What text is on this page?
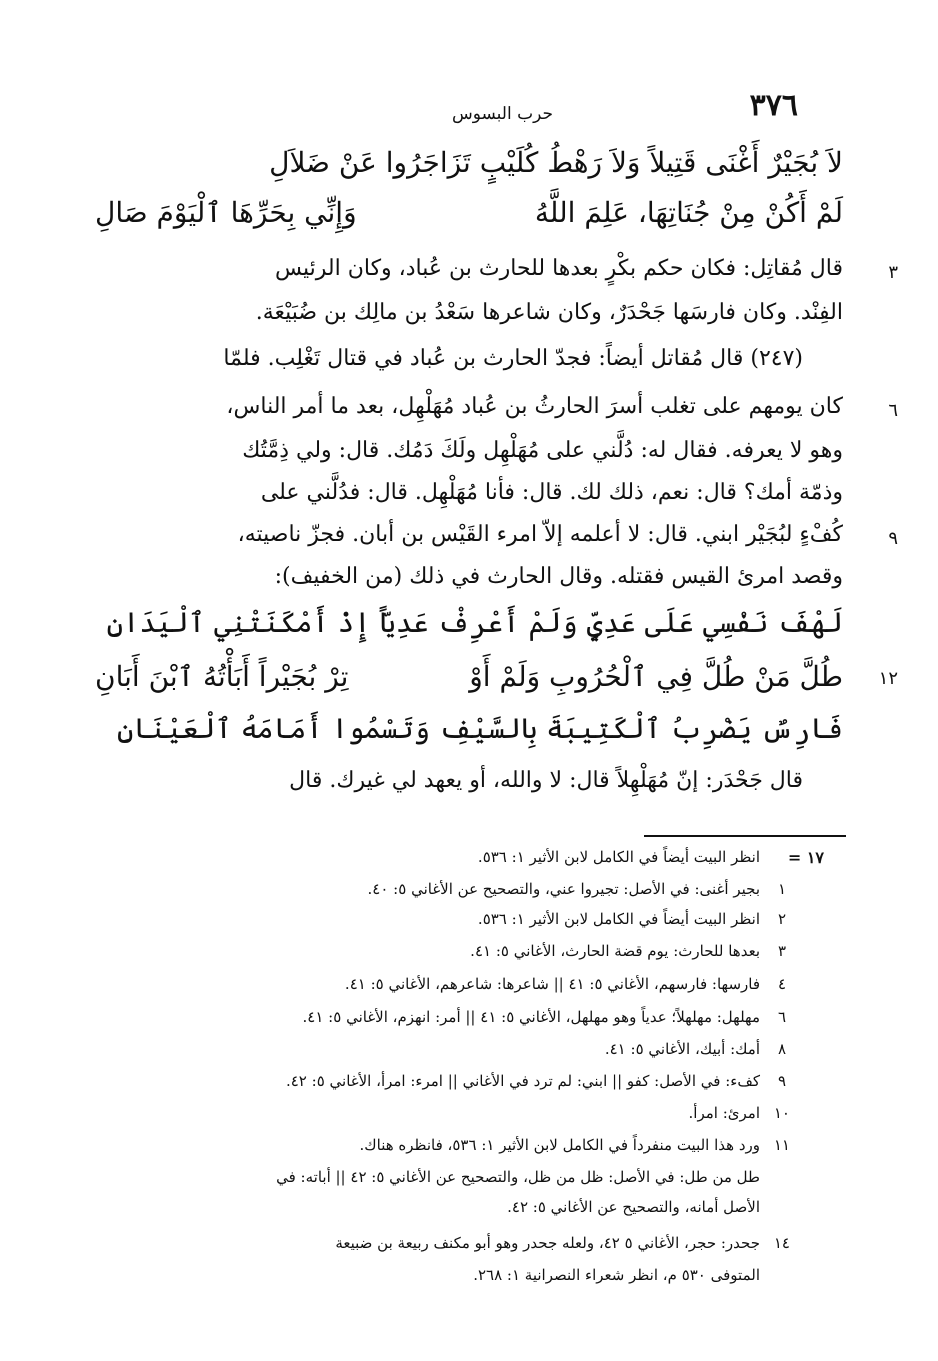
٣٧٦
حرب البسوس
لاَ بُجَيْرٌ أَغْنَى قَتِيلاً وَلاَ رَهْطُ كُلَيْبٍ تَزَاجَرُوا عَنْ ضَلاَلِ
لَمْ أَكُنْ مِنْ جُنَاتِهَا، عَلِمَ اللَّهُ
وَإِنِّي بِحَرِّهَا ٱلْيَوْمَ صَالِ
٣
قال مُقاتِل: فكان حكم بكْرٍ بعدها للحارث بن عُباد، وكان الرئيس
الفِنْد. وكان فارسَها جَحْدَرٌ، وكان شاعرها سَعْدُ بن مالِك بن ضُبَيْعَة.
(٢٤٧) قال مُقاتل أيضاً: فجدّ الحارث بن عُباد في قتال تَغْلِب. فلمّا
٦
كان يومهم على تغلب أسرَ الحارثُ بن عُباد مُهَلْهِل، بعد ما أمر الناس،
وهو لا يعرفه. فقال له: دُلَّني على مُهَلْهِل ولَكَ دَمُك. قال: ولي ذِمَّتُك
وذمّة أمك؟ قال: نعم، ذلك لك. قال: فأنا مُهَلْهِل. قال: فدُلَّني على
٩
كُفْءٍ لبُجَيْر ابني. قال: لا أعلمه إلاّ امرء القَيْس بن أبان. فجزّ ناصيته،
وقصد امرئ القيس فقتله. وقال الحارث في ذلك (من الخفيف):
لَهْفَ نَفْسِي عَلَى عَدِيٍّ وَلَمْ أَعْرِفْ عَدِيّاً إِذْ أَمْكَنَتْنِي ٱلْيَدَانِ
١٢
طُلَّ مَنْ طُلَّ فِي ٱلْحُرُوبِ وَلَمْ أَوْ
تِرْ بُجَيْراً أَبَأْتُهُ ٱبْنَ أَبَانِ
فَارِسٌ يَضْرِبُ ٱلْكَتِيبَةَ بِالسَّيْفِ وَتَسْمُوا أَمَامَهُ ٱلْعَيْنَانِ
قال جَحْدَر: إنّ مُهَلْهِلاً قال: لا والله، أو يعهد لي غيرك. قال
١٧ =
انظر البيت أيضاً في الكامل لابن الأثير ١: ٥٣٦.
١
بجير أغنى: في الأصل: تجيروا عني، والتصحيح عن الأغاني ٥: ٤٠.
٢
انظر البيت أيضاً في الكامل لابن الأثير ١: ٥٣٦.
٣
بعدها للحارث: يوم قضة الحارث، الأغاني ٥: ٤١.
٤
فارسها: فارسهم، الأغاني ٥: ٤١ || شاعرها: شاعرهم، الأغاني ٥: ٤١.
٦
مهلهل: مهلهلاً؛ عدياً وهو مهلهل، الأغاني ٥: ٤١ || أمر: انهزم، الأغاني ٥: ٤١.
٨
أمك: أبيك، الأغاني ٥: ٤١.
٩
كفء: في الأصل: كفو || ابني: لم ترد في الأغاني || امرء: امرأ، الأغاني ٥: ٤٢.
١٠
امرئ: امرأ.
١١
ورد هذا البيت منفرداً في الكامل لابن الأثير ١: ٥٣٦، فانظره هناك.
طل من طل: في الأصل: ظل من ظل، والتصحيح عن الأغاني ٥: ٤٢ || أباته: في
الأصل أمانه، والتصحيح عن الأغاني ٥: ٤٢.
١٤
جحدر: حجر، الأغاني ٥ ٤٢، ولعله جحدر وهو أبو مكنف ربيعة بن ضبيعة
المتوفى ٥٣٠ م، انظر شعراء النصرانية ١: ٢٦٨.
